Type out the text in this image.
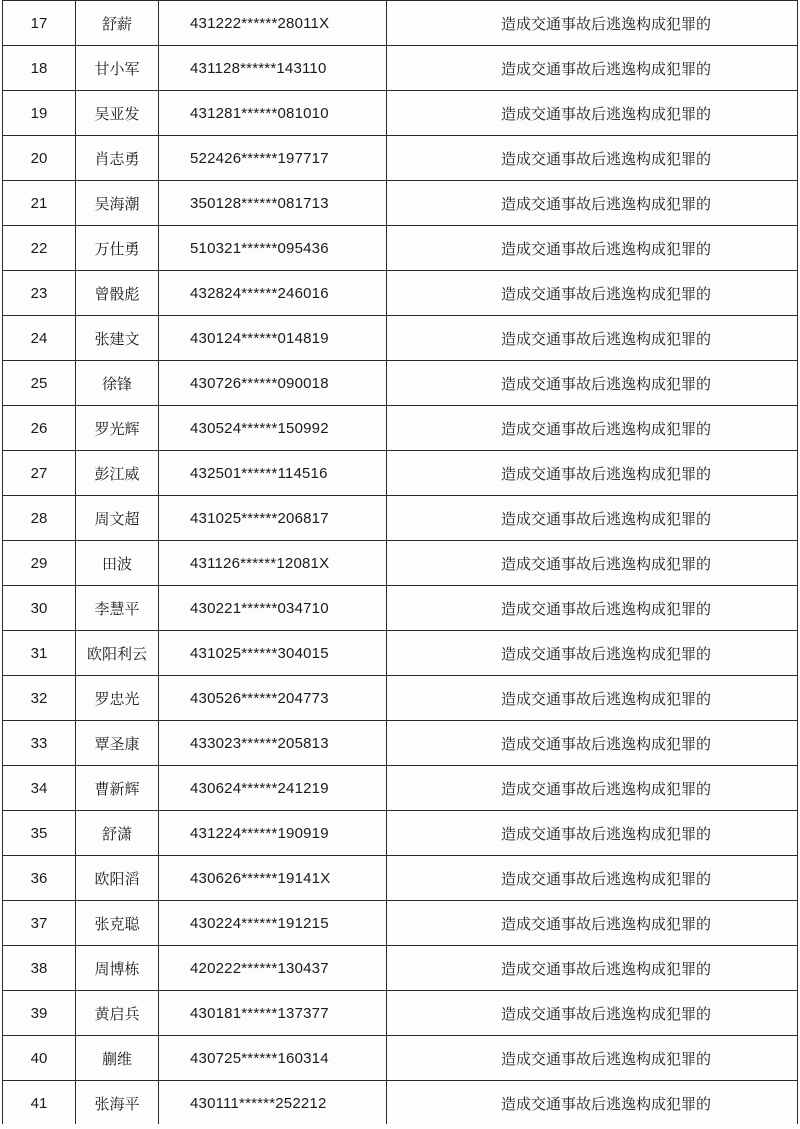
17	舒薪	431222******28011X	造成交通事故后逃逸构成犯罪的
18	甘小军	431128******143110	造成交通事故后逃逸构成犯罪的
19	吴亚发	431281******081010	造成交通事故后逃逸构成犯罪的
20	肖志勇	522426******197717	造成交通事故后逃逸构成犯罪的
21	吴海潮	350128******081713	造成交通事故后逃逸构成犯罪的
22	万仕勇	510321******095436	造成交通事故后逃逸构成犯罪的
23	曾骰彪	432824******246016	造成交通事故后逃逸构成犯罪的
24	张建文	430124******014819	造成交通事故后逃逸构成犯罪的
25	徐锋	430726******090018	造成交通事故后逃逸构成犯罪的
26	罗光辉	430524******150992	造成交通事故后逃逸构成犯罪的
27	彭江威	432501******114516	造成交通事故后逃逸构成犯罪的
28	周文超	431025******206817	造成交通事故后逃逸构成犯罪的
29	田波	431126******12081X	造成交通事故后逃逸构成犯罪的
30	李慧平	430221******034710	造成交通事故后逃逸构成犯罪的
31	欧阳利云	431025******304015	造成交通事故后逃逸构成犯罪的
32	罗忠光	430526******204773	造成交通事故后逃逸构成犯罪的
33	覃圣康	433023******205813	造成交通事故后逃逸构成犯罪的
34	曹新辉	430624******241219	造成交通事故后逃逸构成犯罪的
35	舒潇	431224******190919	造成交通事故后逃逸构成犯罪的
36	欧阳滔	430626******19141X	造成交通事故后逃逸构成犯罪的
37	张克聪	430224******191215	造成交通事故后逃逸构成犯罪的
38	周博栋	420222******130437	造成交通事故后逃逸构成犯罪的
39	黄启兵	430181******137377	造成交通事故后逃逸构成犯罪的
40	蒯维	430725******160314	造成交通事故后逃逸构成犯罪的
41	张海平	430111******252212	造成交通事故后逃逸构成犯罪的
